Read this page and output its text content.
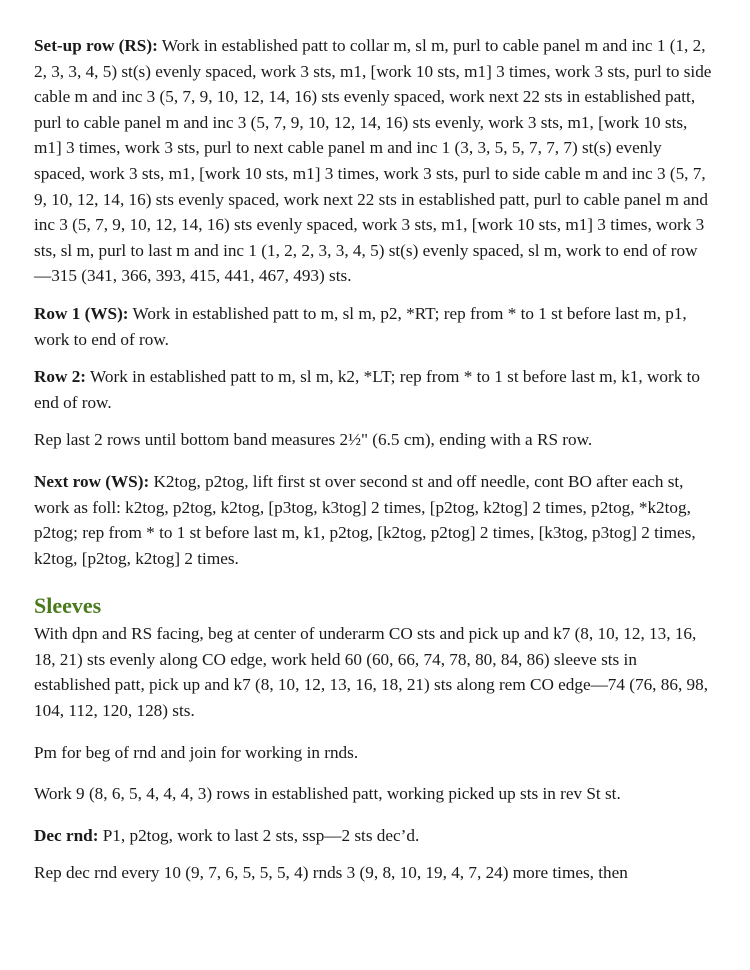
Set-up row (RS): Work in established patt to collar m, sl m, purl to cable panel m and inc 1 (1, 2, 2, 3, 3, 4, 5) st(s) evenly spaced, work 3 sts, m1, [work 10 sts, m1] 3 times, work 3 sts, purl to side cable m and inc 3 (5, 7, 9, 10, 12, 14, 16) sts evenly spaced, work next 22 sts in established patt, purl to cable panel m and inc 3 (5, 7, 9, 10, 12, 14, 16) sts evenly, work 3 sts, m1, [work 10 sts, m1] 3 times, work 3 sts, purl to next cable panel m and inc 1 (3, 3, 5, 5, 7, 7, 7) st(s) evenly spaced, work 3 sts, m1, [work 10 sts, m1] 3 times, work 3 sts, purl to side cable m and inc 3 (5, 7, 9, 10, 12, 14, 16) sts evenly spaced, work next 22 sts in established patt, purl to cable panel m and inc 3 (5, 7, 9, 10, 12, 14, 16) sts evenly spaced, work 3 sts, m1, [work 10 sts, m1] 3 times, work 3 sts, sl m, purl to last m and inc 1 (1, 2, 2, 3, 3, 4, 5) st(s) evenly spaced, sl m, work to end of row—315 (341, 366, 393, 415, 441, 467, 493) sts.

Row 1 (WS): Work in established patt to m, sl m, p2, *RT; rep from * to 1 st before last m, p1, work to end of row.

Row 2: Work in established patt to m, sl m, k2, *LT; rep from * to 1 st before last m, k1, work to end of row.

Rep last 2 rows until bottom band measures 2½" (6.5 cm), ending with a RS row.

Next row (WS): K2tog, p2tog, lift first st over second st and off needle, cont BO after each st, work as foll: k2tog, p2tog, k2tog, [p3tog, k3tog] 2 times, [p2tog, k2tog] 2 times, p2tog, *k2tog, p2tog; rep from * to 1 st before last m, k1, p2tog, [k2tog, p2tog] 2 times, [k3tog, p3tog] 2 times, k2tog, [p2tog, k2tog] 2 times.

Sleeves

With dpn and RS facing, beg at center of underarm CO sts and pick up and k7 (8, 10, 12, 13, 16, 18, 21) sts evenly along CO edge, work held 60 (60, 66, 74, 78, 80, 84, 86) sleeve sts in established patt, pick up and k7 (8, 10, 12, 13, 16, 18, 21) sts along rem CO edge—74 (76, 86, 98, 104, 112, 120, 128) sts.

Pm for beg of rnd and join for working in rnds.

Work 9 (8, 6, 5, 4, 4, 4, 3) rows in established patt, working picked up sts in rev St st.

Dec rnd: P1, p2tog, work to last 2 sts, ssp—2 sts dec’d.

Rep dec rnd every 10 (9, 7, 6, 5, 5, 5, 4) rnds 3 (9, 8, 10, 19, 4, 7, 24) more times, then
